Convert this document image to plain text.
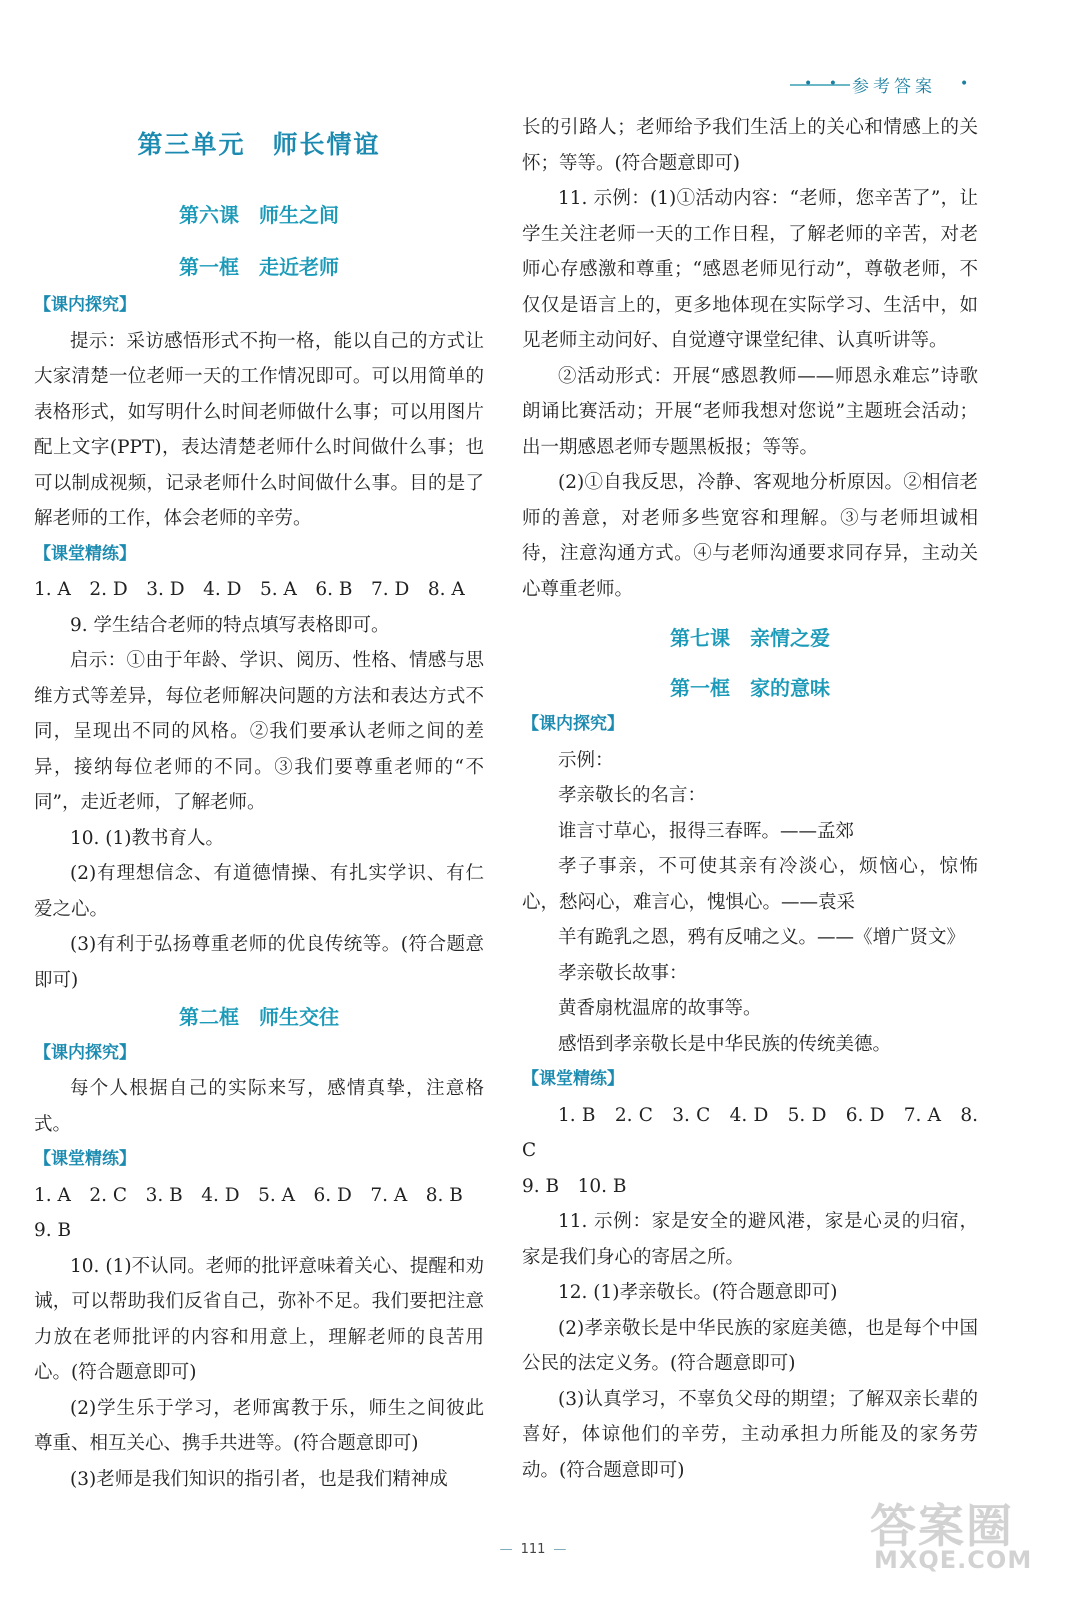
• • 参考答案 •
第三单元　师长情谊
第六课　师生之间
第一框　走近老师
【课内探究】

提示：采访感悟形式不拘一格，能以自己的方式让大家清楚一位老师一天的工作情况即可。可以用简单的表格形式，如写明什么时间老师做什么事；可以用图片配上文字(PPT)，表达清楚老师什么时间做什么事；也可以制成视频，记录老师什么时间做什么事。目的是了解老师的工作，体会老师的辛劳。

【课堂精练】

1. A　2. D　3. D　4. D　5. A　6. B　7. D　8. A

9. 学生结合老师的特点填写表格即可。

启示：①由于年龄、学识、阅历、性格、情感与思维方式等差异，每位老师解决问题的方法和表达方式不同，呈现出不同的风格。②我们要承认老师之间的差异，接纳每位老师的不同。③我们要尊重老师的“不同”，走近老师，了解老师。

10. (1)教书育人。

(2)有理想信念、有道德情操、有扎实学识、有仁爱之心。

(3)有利于弘扬尊重老师的优良传统等。(符合题意即可)

第二框　师生交往
【课内探究】

每个人根据自己的实际来写，感情真挚，注意格式。

【课堂精练】

1. A　2. C　3. B　4. D　5. A　6. D　7. A　8. B

9. B

10. (1)不认同。老师的批评意味着关心、提醒和劝诫，可以帮助我们反省自己，弥补不足。我们要把注意力放在老师批评的内容和用意上，理解老师的良苦用心。(符合题意即可)

(2)学生乐于学习，老师寓教于乐，师生之间彼此尊重、相互关心、携手共进等。(符合题意即可)

(3)老师是我们知识的指引者，也是我们精神成

长的引路人；老师给予我们生活上的关心和情感上的关怀；等等。(符合题意即可)

11. 示例：(1)①活动内容：“老师，您辛苦了”，让学生关注老师一天的工作日程，了解老师的辛苦，对老师心存感激和尊重；“感恩老师见行动”，尊敬老师，不仅仅是语言上的，更多地体现在实际学习、生活中，如见老师主动问好、自觉遵守课堂纪律、认真听讲等。

②活动形式：开展“感恩教师——师恩永难忘”诗歌朗诵比赛活动；开展“老师我想对您说”主题班会活动；出一期感恩老师专题黑板报；等等。

(2)①自我反思，冷静、客观地分析原因。②相信老师的善意，对老师多些宽容和理解。③与老师坦诚相待，注意沟通方式。④与老师沟通要求同存异，主动关心尊重老师。

第七课　亲情之爱
第一框　家的意味
【课内探究】

示例：

孝亲敬长的名言：

谁言寸草心，报得三春晖。——孟郊

孝子事亲，不可使其亲有冷淡心，烦恼心，惊怖心，愁闷心，难言心，愧惧心。——袁采

羊有跪乳之恩，鸦有反哺之义。——《增广贤文》

孝亲敬长故事：

黄香扇枕温席的故事等。

感悟到孝亲敬长是中华民族的传统美德。

【课堂精练】

1. B　2. C　3. C　4. D　5. D　6. D　7. A　8. C

9. B　10. B

11. 示例：家是安全的避风港，家是心灵的归宿，家是我们身心的寄居之所。

12. (1)孝亲敬长。(符合题意即可)

(2)孝亲敬长是中华民族的家庭美德，也是每个中国公民的法定义务。(符合题意即可)

(3)认真学习，不辜负父母的期望；了解双亲长辈的喜好，体谅他们的辛劳，主动承担力所能及的家务劳动。(符合题意即可)

— 111 —	答案圈
MXQE.COM
